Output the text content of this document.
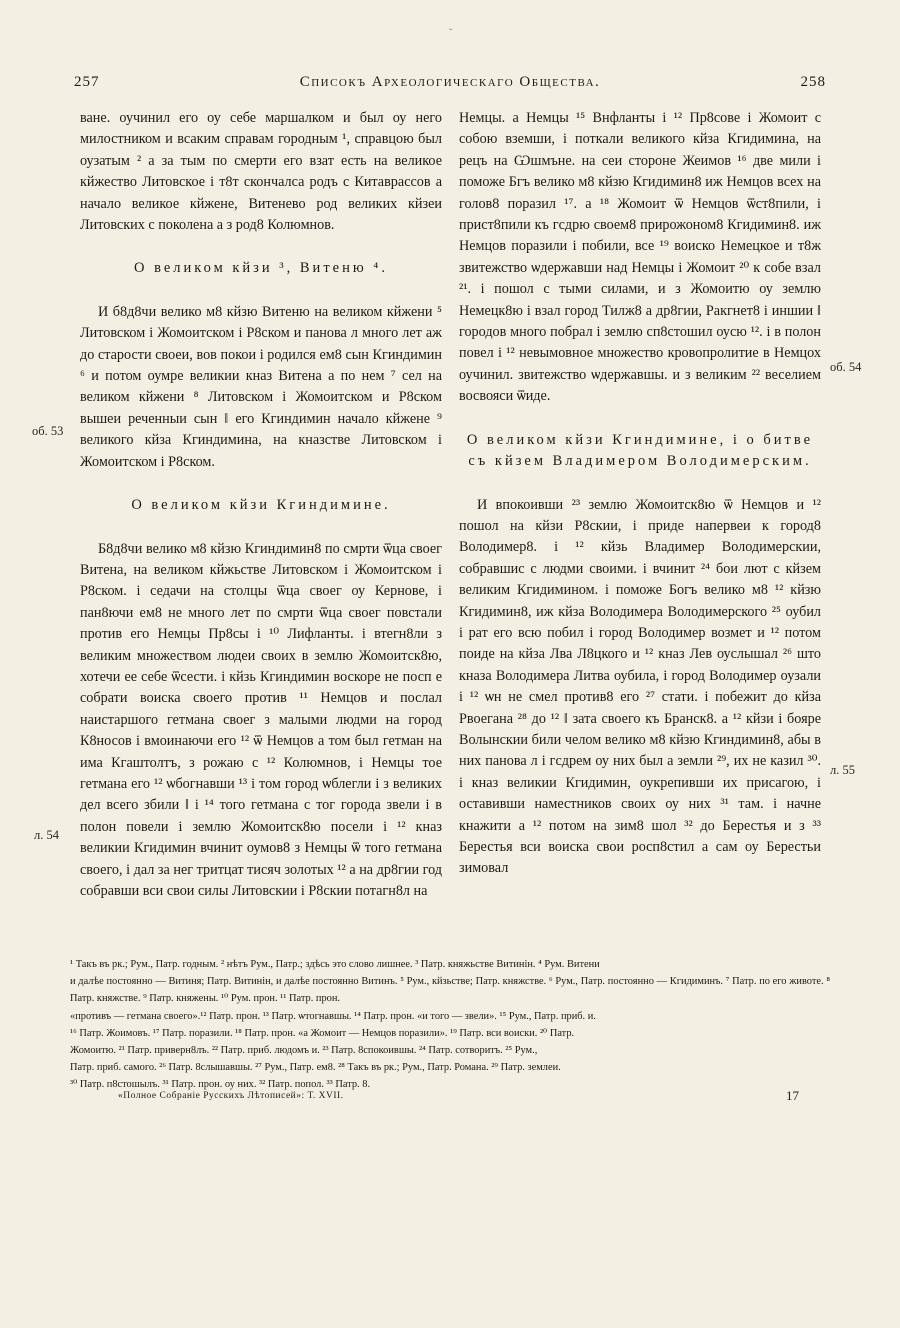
ˇ
257	Списокъ Археологическаго Общества.	258

ване. оучинил его оу себе маршалком и был оу него милостником и всаким справам городным ¹, справцою был оузатым ² а за тым по смерти его взат есть на великое кйжество Литовское і т8т скончалса родъ с Китаврассов а начало великое кйжене, Витенево род великих кйзеи Литовских с поколена а з род8 Колюмнов.

О великом кйзи ³, Витеню ⁴.

И б8д8чи велико м8 кйзю Витеню на великом кйжени ⁵ Литовском і Жомоитском і Р8ском и панова л много лет аж до старости своеи, вов покои і родился ем8 сын Кгиндимин ⁶ и потом оумре великии кназ Витена а по нем ⁷ сел на великом кйжени ⁸ Литовском і Жомоитском и Р8ском вышеи реченныи сын ‖ его Кгиндимин начало кйжене ⁹ великого кйза Кгиндимина, на кназстве Литовском і Жомоитском і Р8ском.

О великом кйзи Кгиндимине.

Б8д8чи велико м8 кйзю Кгиндимин8 по смрти ѿца своег Витена, на великом кйжьстве Литовском і Жомоитском і Р8ском. і седачи на столцы ѿца своег оу Кернове, і пан8ючи ем8 не много лет по смрти ѿца своег повстали против его Немцы Пр8сы і ¹⁰ Лифланты. і втегн8ли з великим множеством людеи своих в землю Жомоитск8ю, хотечи ее себе ѿсести. і кйзь Кгиндимин воскоре не посп е собрати воиска своего против ¹¹ Немцов и послал наистаршого гетмана своег з малыми людми на город К8носов і вмоинаючи его ¹² ѿ Немцов а том был гетман на има Кгаштолтъ, з рожаю с ¹² Колюмнов, і Немцы тое гетмана его ¹² ѡбогнавши ¹³ і том город ѡблегли і з великих дел всего збили ‖ і ¹⁴ того гетмана с тог города звели і в полон повели і землю Жомоитск8ю посели і ¹² кназ великии Кгидимин вчинит оумов8 з Немцы ѿ того гетмана своего, і дал за нег тритцат тисяч золотых ¹² а на др8гии год собравши вси свои силы Литовскии і Р8скии потагн8л на

Немцы. а Немцы ¹⁵ Внфланты і ¹² Пр8сове і Жомоит с собою вземши, і поткали великого кйза Кгидимина, на рецъ на Ѡшмъне. на сеи стороне Жеимов ¹⁶ две мили і поможе Бгъ велико м8 кйзю Кгидимин8 иж Немцов всех на голов8 поразил ¹⁷. а ¹⁸ Жомоит ѿ Немцов ѿст8пили, і прист8пили къ гсдрю своем8 прирожоном8 Кгидимин8. иж Немцов поразили і побили, все ¹⁹ воиско Немецкое и т8ж звитежство ѡдержавши над Немцы і Жомоит ²⁰ к собе взал ²¹. і пошол с тыми силами, и з Жомоитю оу землю Немецк8ю і взал город Тилж8 а др8гии, Ракгнет8 і иншии ‖ городов много побрал і землю сп8стошил оусю ¹². і в полон повел і ¹² невымовное множество кровопролитие в Немцох оучинил. звитежство ѡдержавшы. и з великим ²² веселием восвояси ѿиде.

О великом кйзи Кгиндимине, і о битве съ кйзем Владимером Володимерским.

И впокоивши ²³ землю Жомоитск8ю ѿ Немцов и ¹² пошол на кйзи Р8скии, і приде напервеи к город8 Володимер8. і ¹² кйзь Владимер Володимерскии, собравшис с людми своими. і вчинит ²⁴ бои лют с кйзем великим Кгидимином. і поможе Богъ велико м8 ¹² кйзю Кгидимин8, иж кйза Володимера Володимерского ²⁵ оубил і рат его всю побил і город Володимер возмет и ¹² потом поиде на кйза Лва Л8цкого и ¹² кназ Лев оуслышал ²⁶ што кназа Володимера Литва оубила, і город Володимер оузали і ¹² ѡн не смел против8 его ²⁷ стати. і побежит до кйза Рвоегана ²⁸ до ¹² ‖ зата своего къ Бранск8. а ¹² кйзи і бояре Волынскии били челом велико м8 кйзю Кгиндимин8, абы в них панова л і гсдрем оу них был а земли ²⁹, их не казил ³⁰. і кназ великии Кгидимин, оукрепивши их присагою, і оставивши наместников своих оу них ³¹ там. і начне кнажити а ¹² потом на зим8 шол ³² до Берестья и з ³³ Берестья вси воиска свои росп8стил а сам оу Берестьи зимовал

об. 53
л. 54
об. 54
л. 55

¹ Такъ въ рк.; Рум., Патр. годным. ² нѣтъ Рум., Патр.; здѣсь это слово лишнее. ³ Патр. княжьстве Витинін. ⁴ Рум. Витени

и далѣе постоянно — Витиня; Патр. Витинін, и далѣе постоянно Витинъ. ⁵ Рум., кйзьстве; Патр. княжстве. ⁶ Рум., Патр. постоянно — Кгидиминъ. ⁷ Патр. по его животе. ⁸ Патр. княжстве. ⁹ Патр. княжены. ¹⁰ Рум. прон. ¹¹ Патр. прон.

«противъ — гетмана своего».¹² Патр. прон. ¹³ Патр. ѡтогнавшы. ¹⁴ Патр. прон. «и того — звели». ¹⁵ Рум., Патр. приб. и.

¹⁶ Патр. Жоимовъ. ¹⁷ Патр. поразили. ¹⁸ Патр. прон. «а Жомоит — Немцов поразили». ¹⁹ Патр. вси воиски. ²⁰ Патр.

Жомоитю. ²¹ Патр. приверн8лъ. ²² Патр. приб. людомъ и. ²³ Патр. 8спокоившы. ²⁴ Патр. сотворитъ. ²⁵ Рум.,

Патр. приб. самого. ²⁶ Патр. 8слышавшы. ²⁷ Рум., Патр. ем8. ²⁸ Такъ въ рк.; Рум., Патр. Романа. ²⁹ Патр. землеи.

³⁰ Патр. п8стошылъ. ³¹ Патр. прон. оу них. ³² Патр. попол. ³³ Патр. 8.

«Полное Собраніе Русскихъ Лѣтописей»: Т. XVII.	17
